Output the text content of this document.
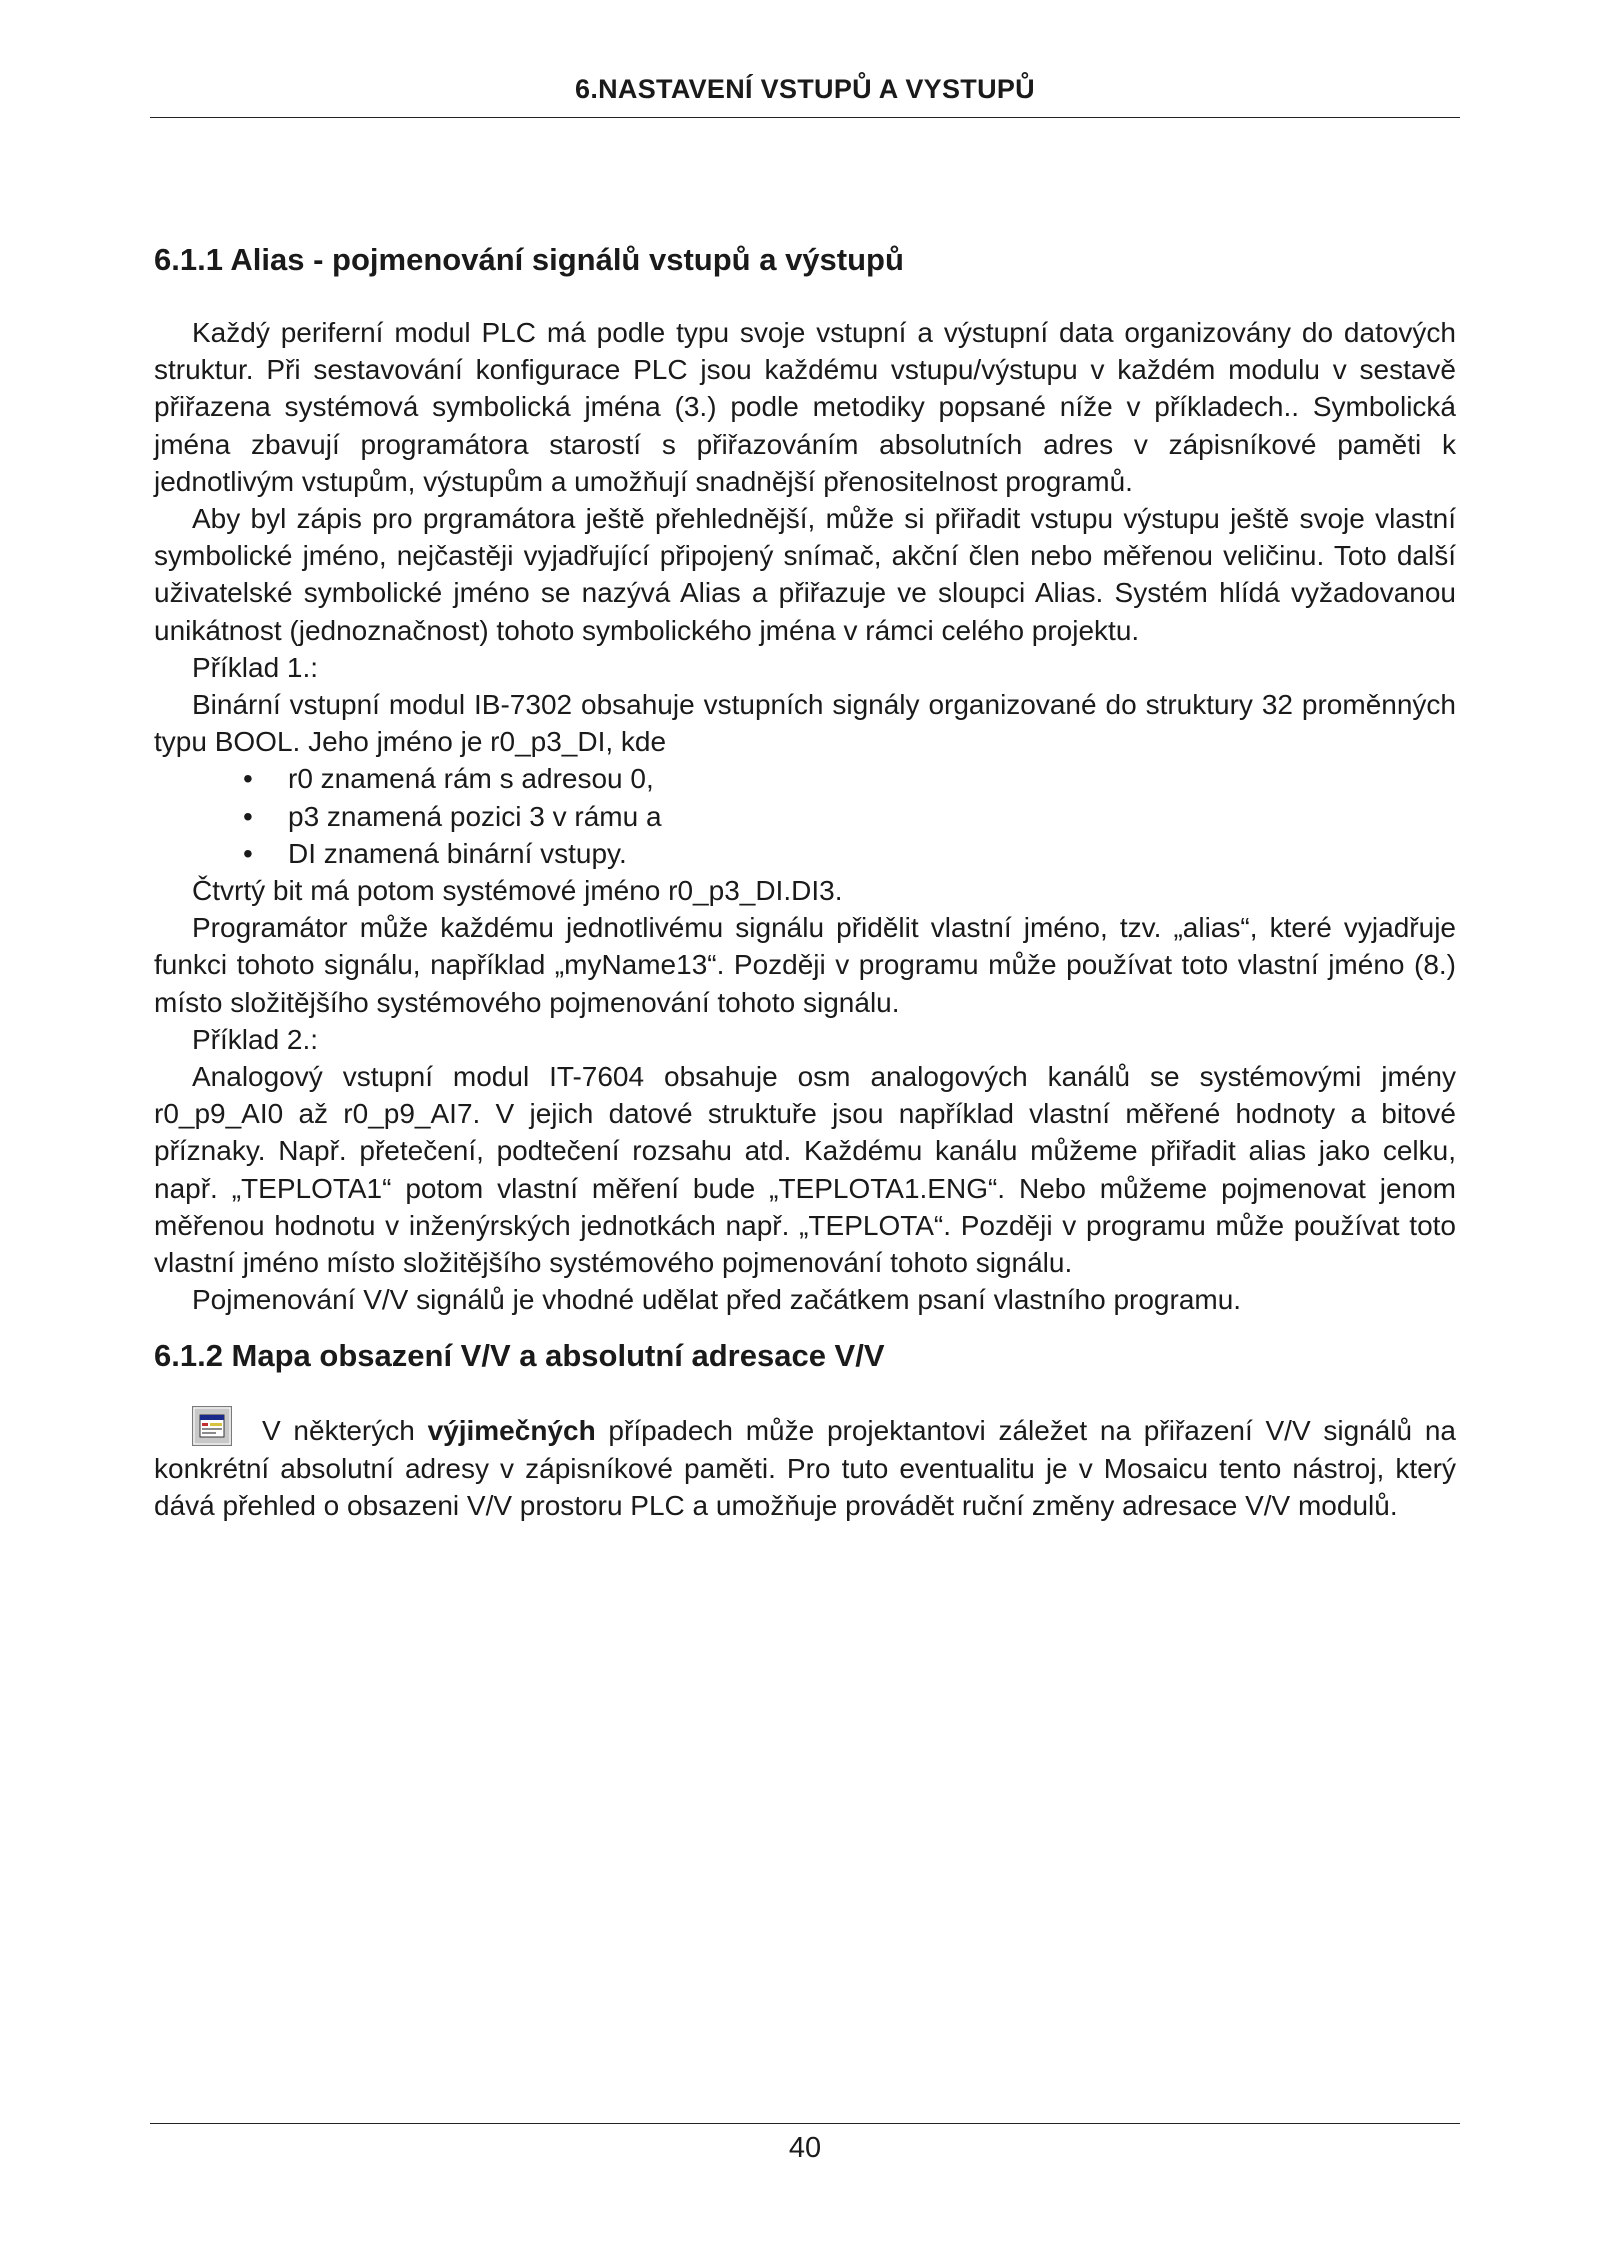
6.NASTAVENÍ VSTUPŮ A VYSTUPŮ
6.1.1 Alias - pojmenování signálů vstupů a výstupů

Každý periferní modul PLC má podle typu svoje vstupní a výstupní data organizovány do datových struktur. Při sestavování konfigurace PLC jsou každému vstupu/výstupu v každém modulu v sestavě přiřazena systémová symbolická jména (3.) podle metodiky popsané níže v příkladech.. Symbolická jména zbavují programátora starostí s přiřazováním absolutních adres v zápisníkové paměti k jednotlivým vstupům, výstupům a umožňují snadnější přenositelnost programů.

Aby byl zápis pro prgramátora ještě přehlednější, může si přiřadit vstupu výstupu ještě svoje vlastní symbolické jméno, nejčastěji vyjadřující připojený snímač, akční člen nebo měřenou veličinu. Toto další uživatelské symbolické jméno se nazývá Alias a přiřazuje ve sloupci Alias. Systém hlídá vyžadovanou unikátnost (jednoznačnost) tohoto symbolického jména v rámci celého projektu.

Příklad 1.:

Binární vstupní modul IB-7302 obsahuje vstupních signály organizované do struktury 32 proměnných typu BOOL. Jeho jméno je r0_p3_DI, kde

• r0 znamená rám s adresou 0,
• p3 znamená pozici 3 v rámu a
• DI znamená binární vstupy.

Čtvrtý bit má potom systémové jméno r0_p3_DI.DI3.

Programátor může každému jednotlivému signálu přidělit vlastní jméno, tzv. „alias“, které vyjadřuje funkci tohoto signálu, například „myName13“. Později v programu může používat toto vlastní jméno (8.) místo složitějšího systémového pojmenování tohoto signálu.

Příklad 2.:

Analogový vstupní modul IT-7604 obsahuje osm analogových kanálů se systémovými jmény r0_p9_AI0 až r0_p9_AI7. V jejich datové struktuře jsou například vlastní měřené hodnoty a bitové příznaky. Např. přetečení, podtečení rozsahu atd. Každému kanálu můžeme přiřadit alias jako celku, např. „TEPLOTA1“ potom vlastní měření bude „TEPLOTA1.ENG“. Nebo můžeme pojmenovat jenom měřenou hodnotu v inženýrských jednotkách např. „TEPLOTA“. Později v programu může používat toto vlastní jméno místo složitějšího systémového pojmenování tohoto signálu.

Pojmenování V/V signálů je vhodné udělat před začátkem psaní vlastního programu.

6.1.2 Mapa obsazení V/V a absolutní adresace V/V

V některých výjimečných případech může projektantovi záležet na přiřazení V/V signálů na konkrétní absolutní adresy v zápisníkové paměti. Pro tuto eventualitu je v Mosaicu tento nástroj, který dává přehled o obsazeni V/V prostoru PLC a umožňuje provádět ruční změny adresace V/V modulů.

40
